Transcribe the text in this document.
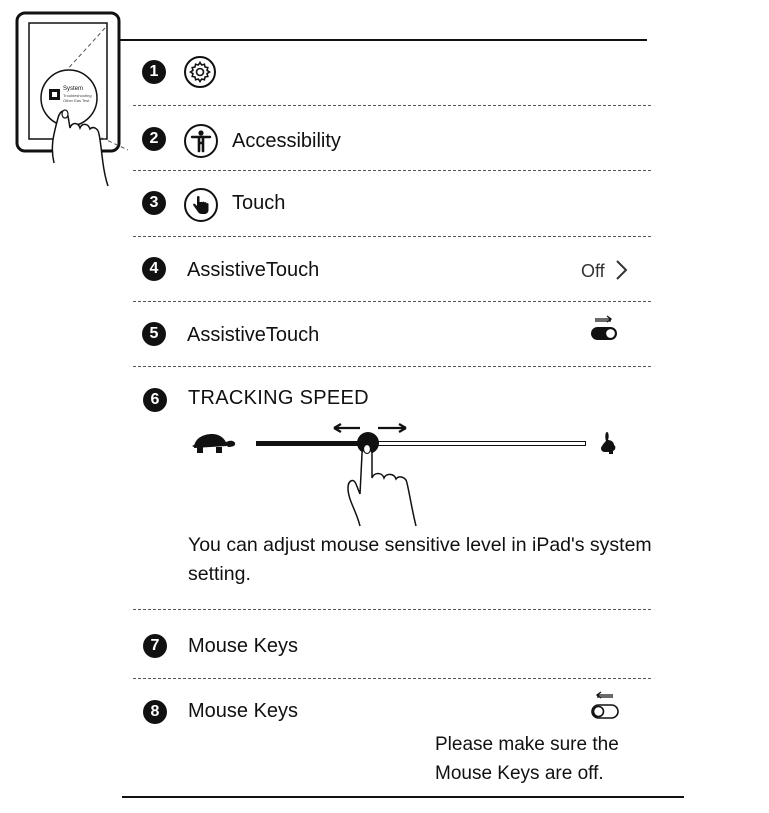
System
Troubleshooting
Other Eas Test
1
2	Accessibility
3	Touch
4	AssistiveTouch	Off
5	AssistiveTouch
6	TRACKING SPEED
You can adjust mouse sensitive level in iPad's system setting.
7	Mouse Keys
8	Mouse Keys
Please make sure the Mouse Keys are off.
